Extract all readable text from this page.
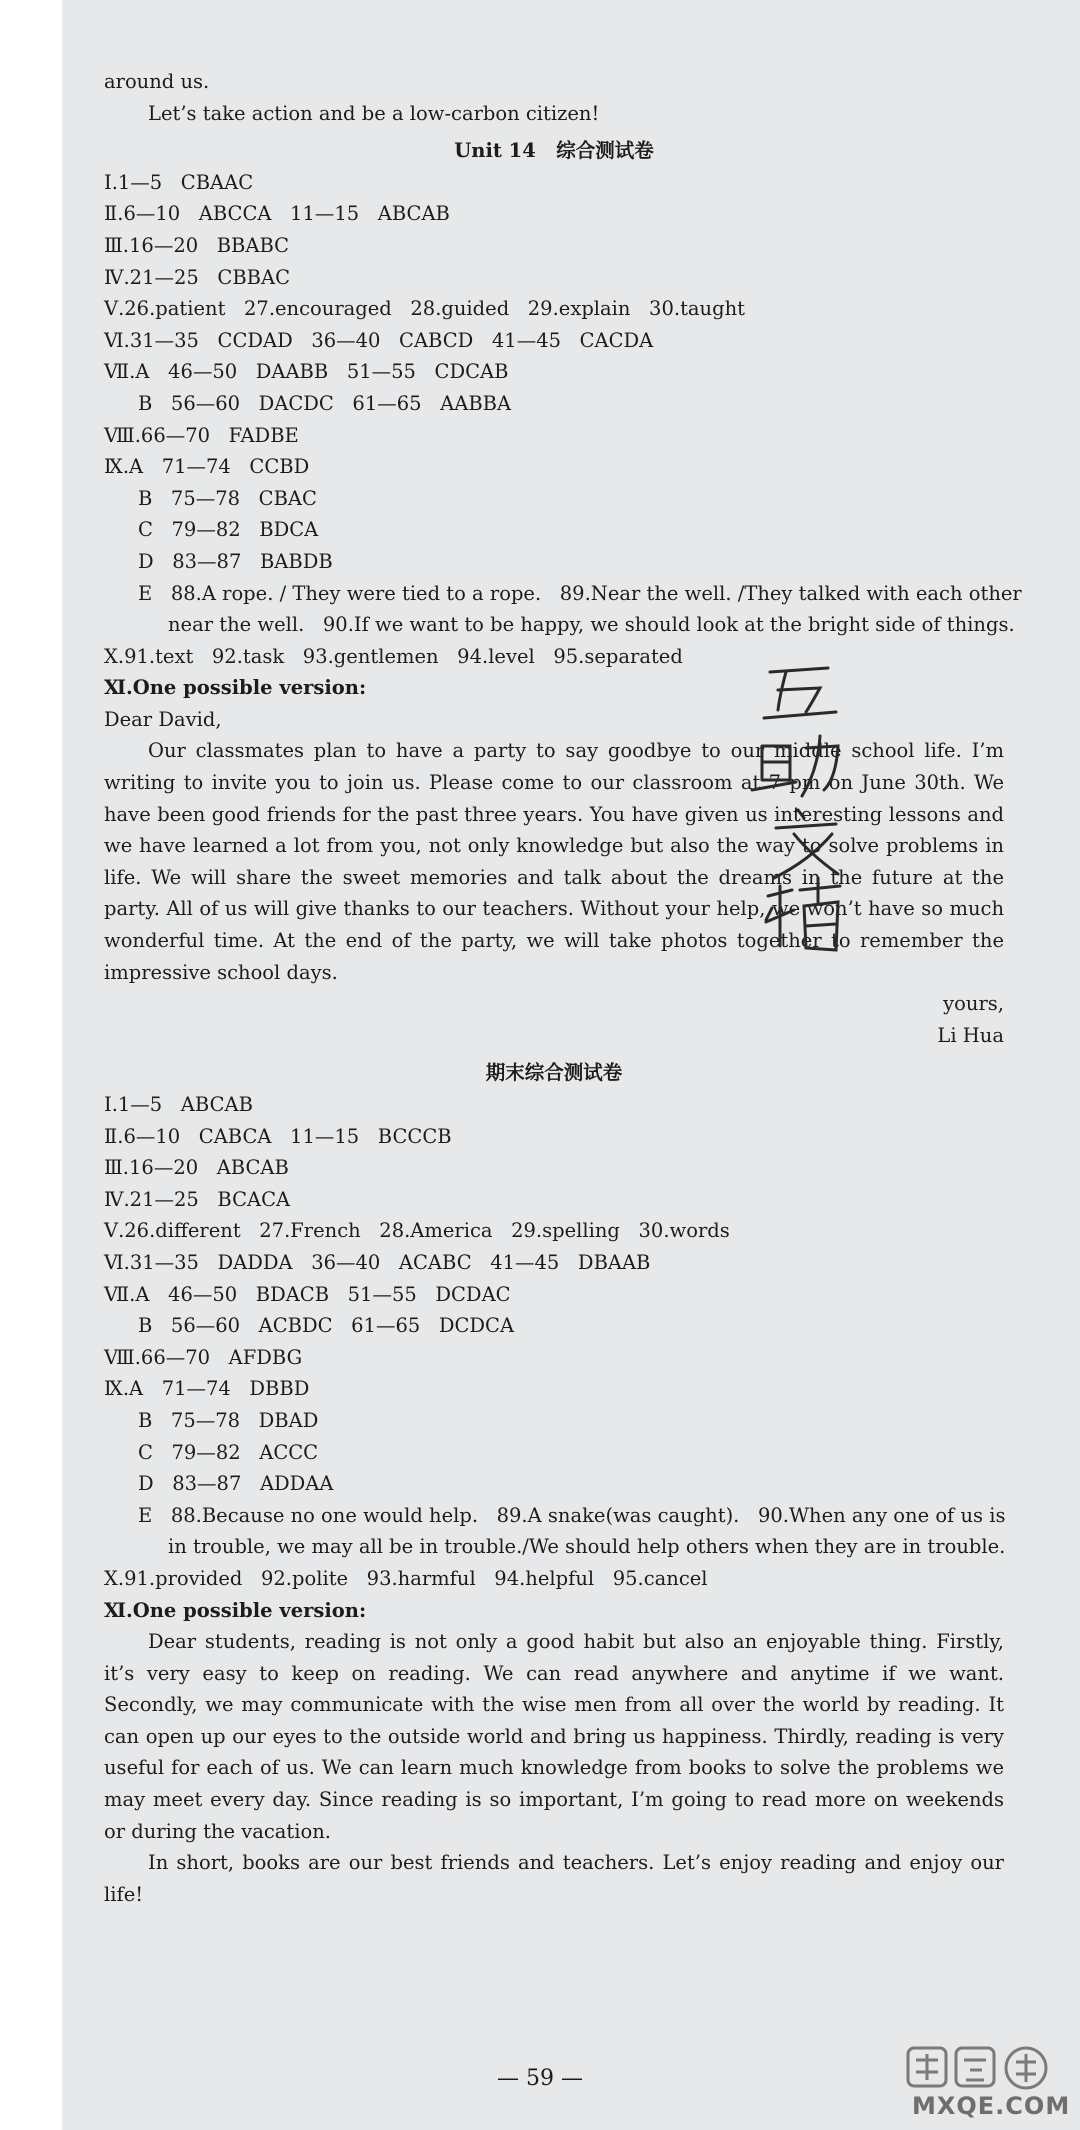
around us.
Let’s take action and be a low-carbon citizen!
Unit 14 综合测试卷
Ⅰ.1—5   CBAAC
Ⅱ.6—10   ABCCA   11—15   ABCAB
Ⅲ.16—20   BBABC
Ⅳ.21—25   CBBAC
Ⅴ.26.patient   27.encouraged   28.guided   29.explain   30.taught
Ⅵ.31—35   CCDAD   36—40   CABCD   41—45   CACDA
Ⅶ.A   46—50   DAABB   51—55   CDCAB
B   56—60   DACDC   61—65   AABBA
Ⅷ.66—70   FADBE
Ⅸ.A   71—74   CCBD
B   75—78   CBAC
C   79—82   BDCA
D   83—87   BABDB
E   88.A rope. / They were tied to a rope.   89.Near the well. /They talked with each other
near the well.   90.If we want to be happy, we should look at the bright side of things.
Ⅹ.91.text   92.task   93.gentlemen   94.level   95.separated
Ⅺ.One possible version:
Dear David,
Our classmates plan to have a party to say goodbye to our middle school life. I’m writing to invite you to join us. Please come to our classroom at 7 pm on June 30th. We have been good friends for the past three years. You have given us interesting lessons and we have learned a lot from you, not only knowledge but also the way to solve problems in life. We will share the sweet memories and talk about the dreams in the future at the party. All of us will give thanks to our teachers. Without your help, we won’t have so much wonderful time. At the end of the party, we will take photos together to remember the impressive school days.
yours,
Li Hua
期末综合测试卷
Ⅰ.1—5   ABCAB
Ⅱ.6—10   CABCA   11—15   BCCCB
Ⅲ.16—20   ABCAB
Ⅳ.21—25   BCACA
Ⅴ.26.different   27.French   28.America   29.spelling   30.words
Ⅵ.31—35   DADDA   36—40   ACABC   41—45   DBAAB
Ⅶ.A   46—50   BDACB   51—55   DCDAC
B   56—60   ACBDC   61—65   DCDCA
Ⅷ.66—70   AFDBG
Ⅸ.A   71—74   DBBD
B   75—78   DBAD
C   79—82   ACCC
D   83—87   ADDAA
E   88.Because no one would help.   89.A snake(was caught).   90.When any one of us is
in trouble, we may all be in trouble./We should help others when they are in trouble.
Ⅹ.91.provided   92.polite   93.harmful   94.helpful   95.cancel
Ⅺ.One possible version:
Dear students, reading is not only a good habit but also an enjoyable thing. Firstly, it’s very easy to keep on reading. We can read anywhere and anytime if we want. Secondly, we may communicate with the wise men from all over the world by reading. It can open up our eyes to the outside world and bring us happiness. Thirdly, reading is very useful for each of us. We can learn much knowledge from books to solve the problems we may meet every day. Since reading is so important, I’m going to read more on weekends or during the vacation.
In short, books are our best friends and teachers. Let’s enjoy reading and enjoy our life!
— 59 —
MXQE.COM
